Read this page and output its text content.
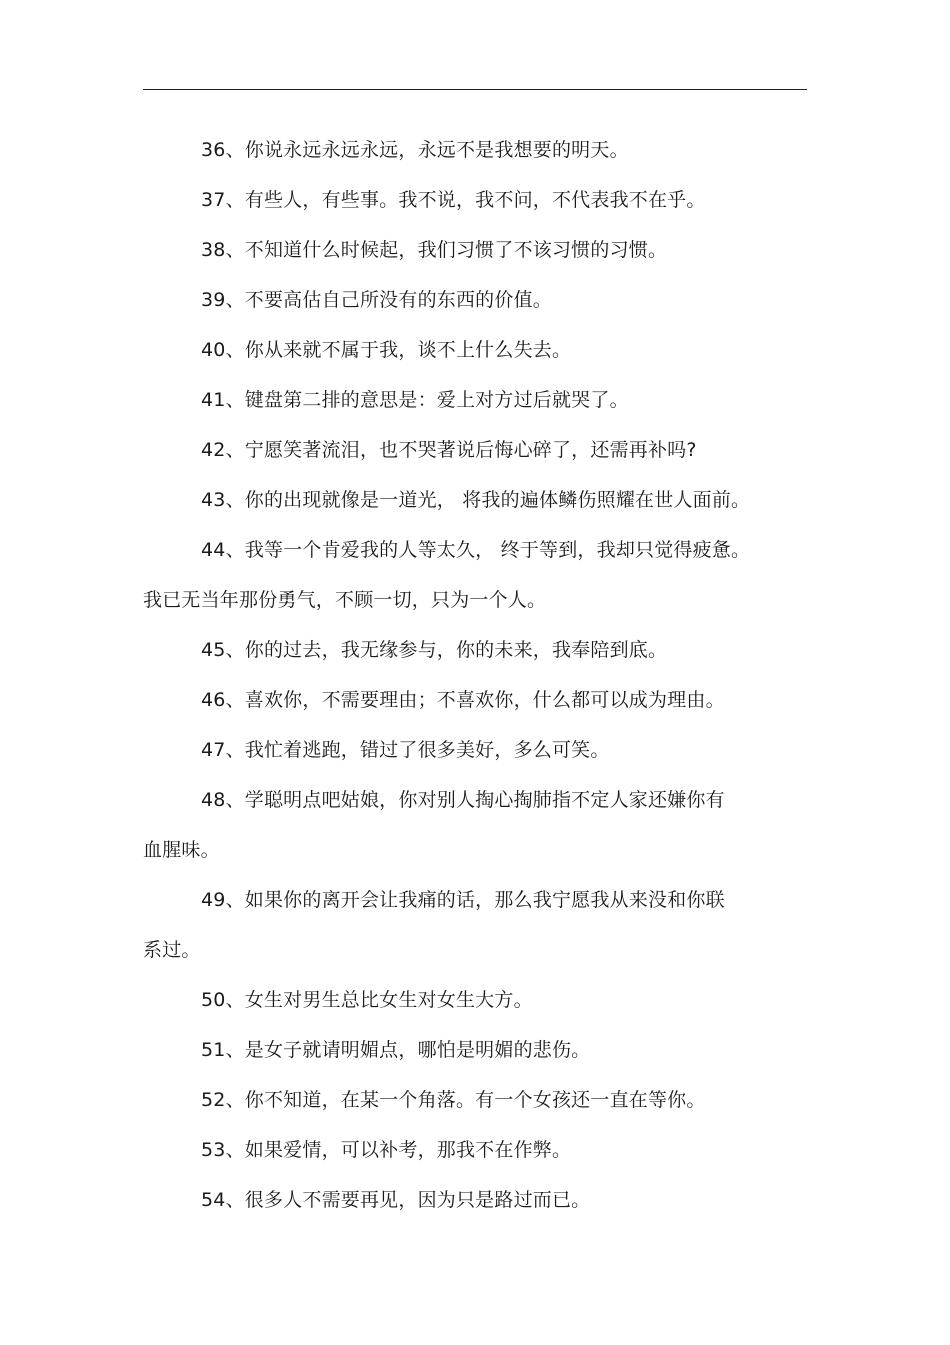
36、你说永远永远永远，永远不是我想要的明天。
37、有些人，有些事。我不说，我不问，不代表我不在乎。
38、不知道什么时候起，我们习惯了不该习惯的习惯。
39、不要高估自己所没有的东西的价值。
40、你从来就不属于我，谈不上什么失去。
41、键盘第二排的意思是：爱上对方过后就哭了。
42、宁愿笑著流泪，也不哭著说后悔心碎了，还需再补吗?
43、你的出现就像是一道光， 将我的遍体鳞伤照耀在世人面前。
44、我等一个肯爱我的人等太久， 终于等到，我却只觉得疲惫。
我已无当年那份勇气，不顾一切，只为一个人。
45、你的过去，我无缘参与，你的未来，我奉陪到底。
46、喜欢你，不需要理由；不喜欢你，什么都可以成为理由。
47、我忙着逃跑，错过了很多美好，多么可笑。
48、学聪明点吧姑娘，你对别人掏心掏肺指不定人家还嫌你有
血腥味。
49、如果你的离开会让我痛的话，那么我宁愿我从来没和你联
系过。
50、女生对男生总比女生对女生大方。
51、是女子就请明媚点，哪怕是明媚的悲伤。
52、你不知道，在某一个角落。有一个女孩还一直在等你。
53、如果爱情，可以补考，那我不在作弊。
54、很多人不需要再见，因为只是路过而已。
